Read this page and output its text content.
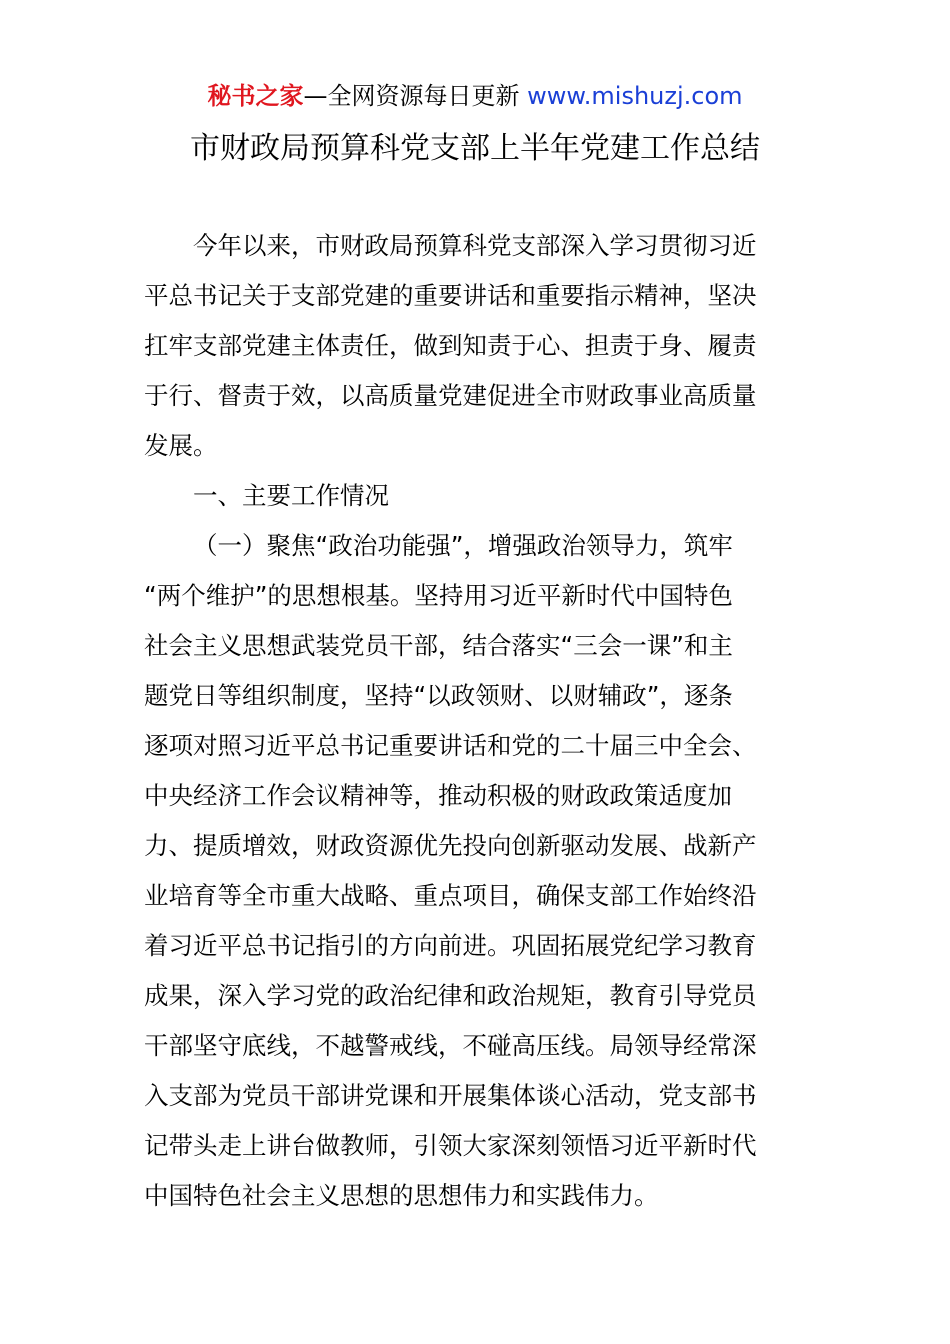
秘书之家—全网资源每日更新 www.mishuzj.com
市财政局预算科党支部上半年党建工作总结

今年以来，市财政局预算科党支部深入学习贯彻习近
平总书记关于支部党建的重要讲话和重要指示精神，坚决
扛牢支部党建主体责任，做到知责于心、担责于身、履责
于行、督责于效，以高质量党建促进全市财政事业高质量
发展。

一、主要工作情况

（一）聚焦“政治功能强”，增强政治领导力，筑牢
“两个维护”的思想根基。坚持用习近平新时代中国特色
社会主义思想武装党员干部，结合落实“三会一课”和主
题党日等组织制度，坚持“以政领财、以财辅政”，逐条
逐项对照习近平总书记重要讲话和党的二十届三中全会、
中央经济工作会议精神等，推动积极的财政政策适度加
力、提质增效，财政资源优先投向创新驱动发展、战新产
业培育等全市重大战略、重点项目，确保支部工作始终沿
着习近平总书记指引的方向前进。巩固拓展党纪学习教育
成果，深入学习党的政治纪律和政治规矩，教育引导党员
干部坚守底线，不越警戒线，不碰高压线。局领导经常深
入支部为党员干部讲党课和开展集体谈心活动，党支部书
记带头走上讲台做教师，引领大家深刻领悟习近平新时代
中国特色社会主义思想的思想伟力和实践伟力。
